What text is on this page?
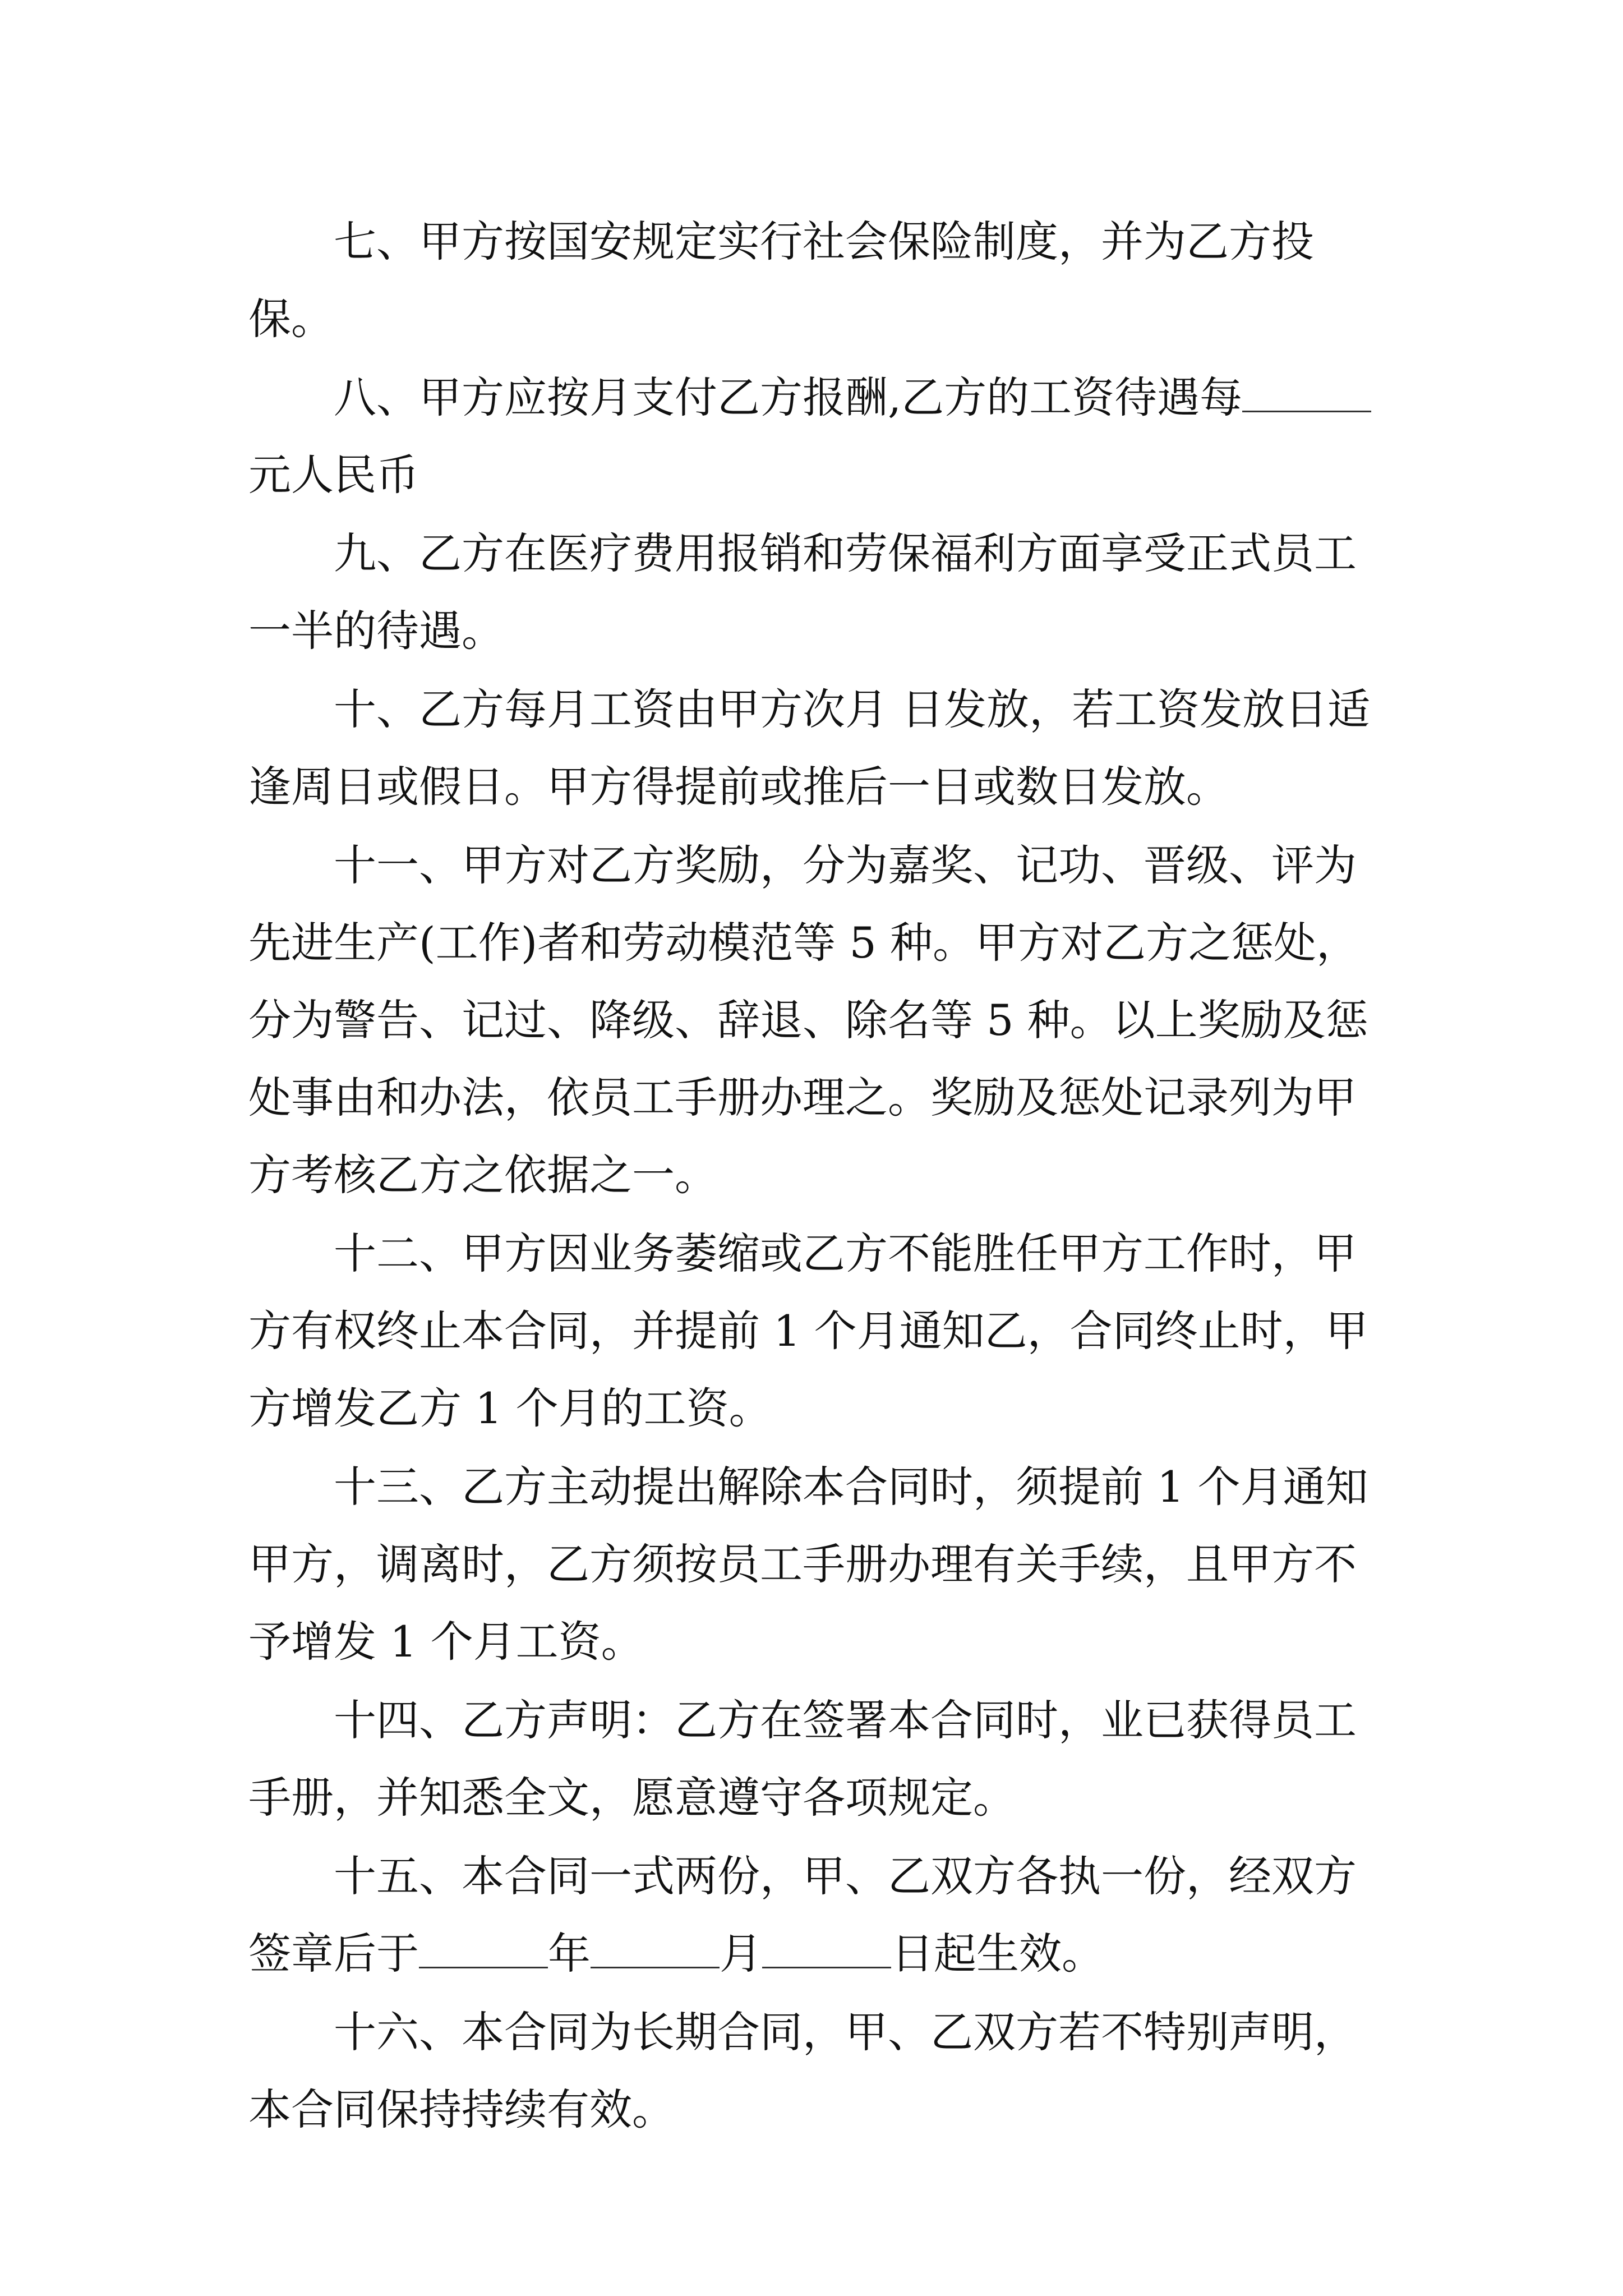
七、甲方按国安规定实行社会保险制度，并为乙方投保。

八、甲方应按月支付乙方报酬,乙方的工资待遇每元人民币

九、乙方在医疗费用报销和劳保福利方面享受正式员工一半的待遇。

十、乙方每月工资由甲方次月 日发放，若工资发放日适逢周日或假日。甲方得提前或推后一日或数日发放。

十一、甲方对乙方奖励，分为嘉奖、记功、晋级、评为先进生产(工作)者和劳动模范等 5 种。甲方对乙方之惩处，分为警告、记过、降级、辞退、除名等 5 种。以上奖励及惩处事由和办法，依员工手册办理之。奖励及惩处记录列为甲方考核乙方之依据之一。

十二、甲方因业务萎缩或乙方不能胜任甲方工作时，甲方有权终止本合同，并提前 1 个月通知乙，合同终止时，甲方增发乙方 1 个月的工资。

十三、乙方主动提出解除本合同时，须提前 1 个月通知甲方，调离时，乙方须按员工手册办理有关手续，且甲方不予增发 1 个月工资。

十四、乙方声明：乙方在签署本合同时，业已获得员工手册，并知悉全文，愿意遵守各项规定。

十五、本合同一式两份，甲、乙双方各执一份，经双方签章后于	年	月	日起生效。

十六、本合同为长期合同，甲、乙双方若不特别声明，本合同保持持续有效。
